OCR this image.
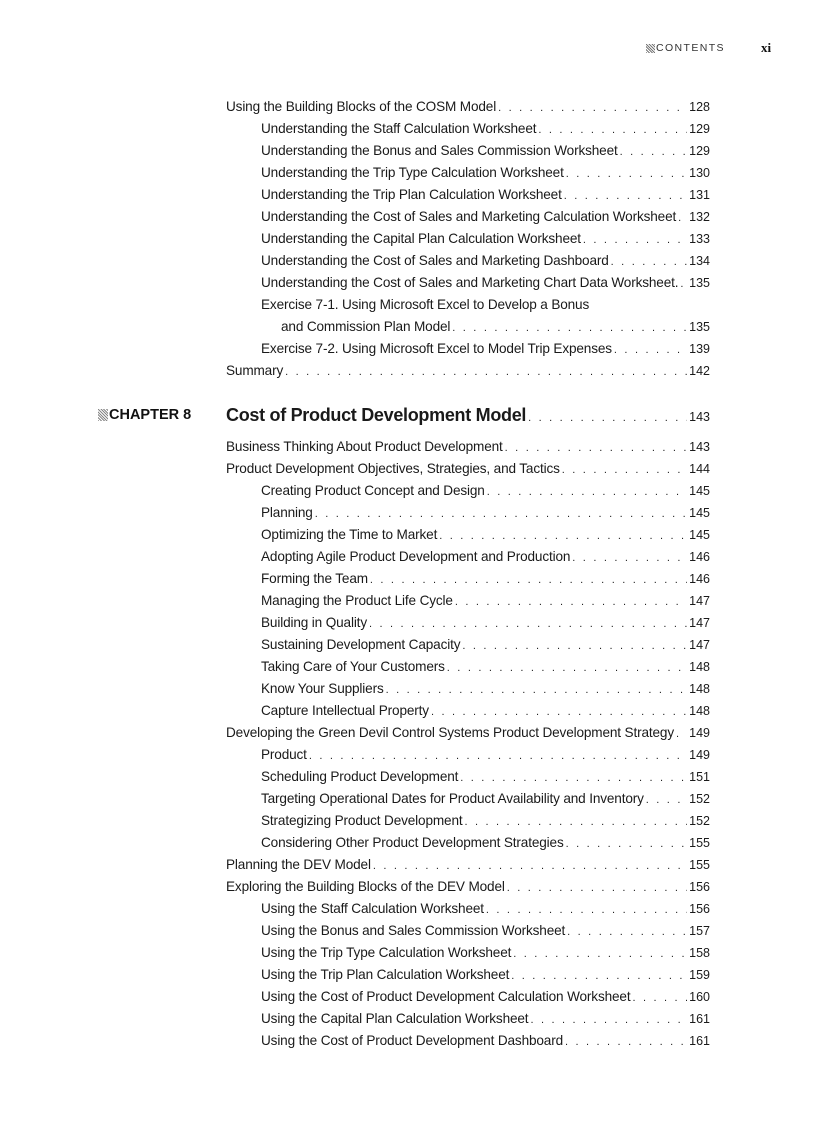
CONTENTS	xi
Using the Building Blocks of the COSM Model . . .	128
Understanding the Staff Calculation Worksheet . . .	129
Understanding the Bonus and Sales Commission Worksheet . . .	129
Understanding the Trip Type Calculation Worksheet . . .	130
Understanding the Trip Plan Calculation Worksheet . . .	131
Understanding the Cost of Sales and Marketing Calculation Worksheet . . . 132
Understanding the Capital Plan Calculation Worksheet . . .	133
Understanding the Cost of Sales and Marketing Dashboard . . .	134
Understanding the Cost of Sales and Marketing Chart Data Worksheet. . . . 135
Exercise 7-1. Using Microsoft Excel to Develop a Bonus
and Commission Plan Model . . .	135
Exercise 7-2. Using Microsoft Excel to Model Trip Expenses . . .	139
Summary . . .	142
CHAPTER 8 Cost of Product Development Model . . .	143
Business Thinking About Product Development . . .	143
Product Development Objectives, Strategies, and Tactics . . .	144
Creating Product Concept and Design . . .	145
Planning . . .	145
Optimizing the Time to Market . . .	145
Adopting Agile Product Development and Production . . .	146
Forming the Team . . .	146
Managing the Product Life Cycle . . .	147
Building in Quality . . .	147
Sustaining Development Capacity . . .	147
Taking Care of Your Customers . . .	148
Know Your Suppliers . . .	148
Capture Intellectual Property . . .	148
Developing the Green Devil Control Systems Product Development Strategy . . . 149
Product . . .	149
Scheduling Product Development . . .	151
Targeting Operational Dates for Product Availability and Inventory . . .	152
Strategizing Product Development . . .	152
Considering Other Product Development Strategies . . .	155
Planning the DEV Model . . .	155
Exploring the Building Blocks of the DEV Model . . .	156
Using the Staff Calculation Worksheet . . .	156
Using the Bonus and Sales Commission Worksheet . . .	157
Using the Trip Type Calculation Worksheet . . .	158
Using the Trip Plan Calculation Worksheet . . .	159
Using the Cost of Product Development Calculation Worksheet . . .	160
Using the Capital Plan Calculation Worksheet . . .	161
Using the Cost of Product Development Dashboard . . .	161
